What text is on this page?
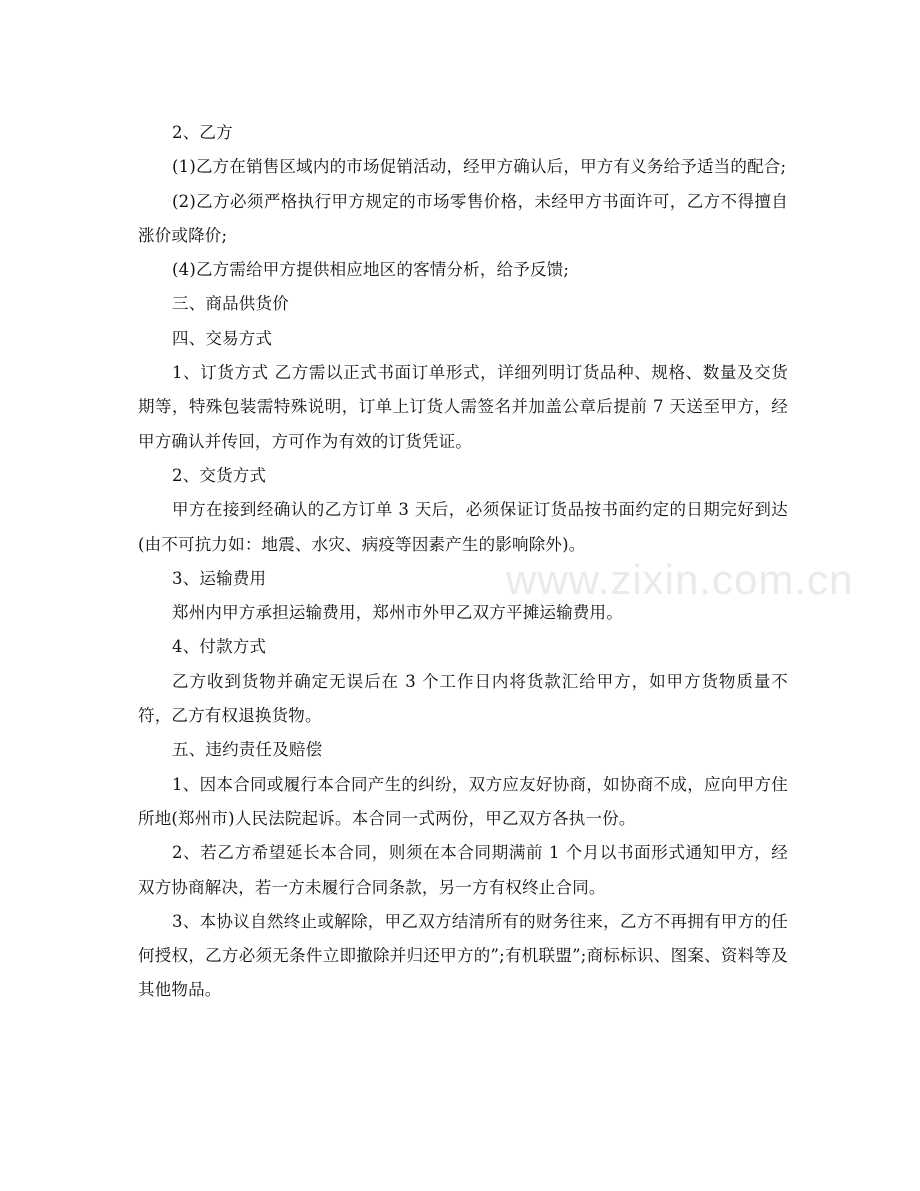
2、乙方

(1)乙方在销售区域内的市场促销活动，经甲方确认后，甲方有义务给予适当的配合;

(2)乙方必须严格执行甲方规定的市场零售价格，未经甲方书面许可，乙方不得擅自涨价或降价;

(4)乙方需给甲方提供相应地区的客情分析，给予反馈;

三、商品供货价

四、交易方式

1、订货方式 乙方需以正式书面订单形式，详细列明订货品种、规格、数量及交货期等，特殊包装需特殊说明，订单上订货人需签名并加盖公章后提前 7 天送至甲方，经甲方确认并传回，方可作为有效的订货凭证。

2、交货方式

甲方在接到经确认的乙方订单 3 天后，必须保证订货品按书面约定的日期完好到达(由不可抗力如：地震、水灾、病疫等因素产生的影响除外)。

3、运输费用

郑州内甲方承担运输费用，郑州市外甲乙双方平摊运输费用。

4、付款方式

乙方收到货物并确定无误后在 3 个工作日内将货款汇给甲方，如甲方货物质量不符，乙方有权退换货物。

五、违约责任及赔偿

1、因本合同或履行本合同产生的纠纷，双方应友好协商，如协商不成，应向甲方住所地(郑州市)人民法院起诉。本合同一式两份，甲乙双方各执一份。

2、若乙方希望延长本合同，则须在本合同期满前 1 个月以书面形式通知甲方，经双方协商解决，若一方未履行合同条款，另一方有权终止合同。

3、本协议自然终止或解除，甲乙双方结清所有的财务往来，乙方不再拥有甲方的任何授权，乙方必须无条件立即撤除并归还甲方的”;有机联盟”;商标标识、图案、资料等及其他物品。

www.zixin.com.cn
